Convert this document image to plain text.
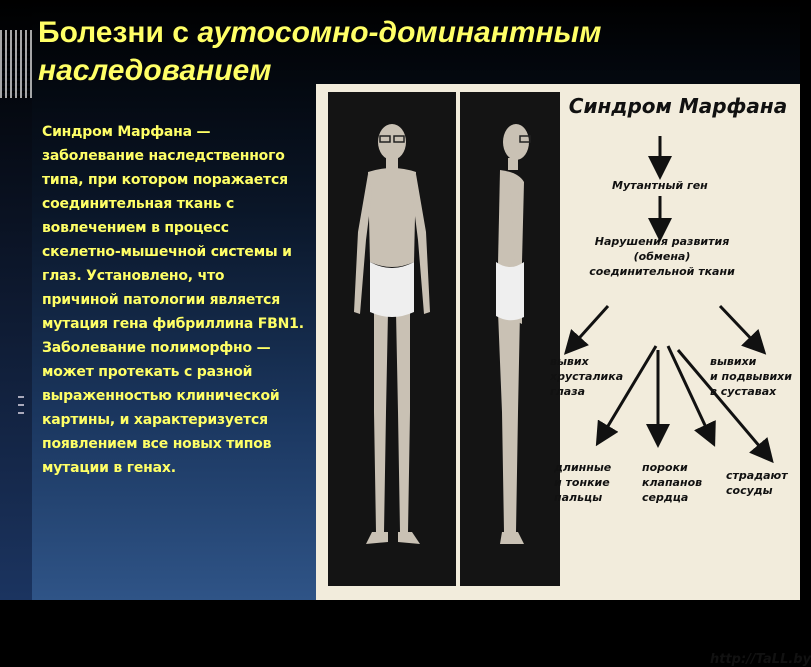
Болезни с аутосомно-доминантным
наследованием

Синдром Марфана — заболевание наследственного типа, при котором поражается соединительная ткань с вовлечением в процесс скелетно-мышечной системы и глаз. Установлено, что причиной патологии является мутация гена фибриллина FBN1. Заболевание полиморфно — может протекать с разной выраженностью клинической картины, и характеризуется появлением все новых типов мутации в генах.

Синдром Марфана

Мутантный ген

Нарушения развития
(обмена)
соединительной ткани

вывих
хрусталика
глаза

вывихи
и подвывихи
в суставах

длинные
и тонкие
пальцы

пороки
клапанов
сердца

страдают
сосуды

http://TaLL.by
